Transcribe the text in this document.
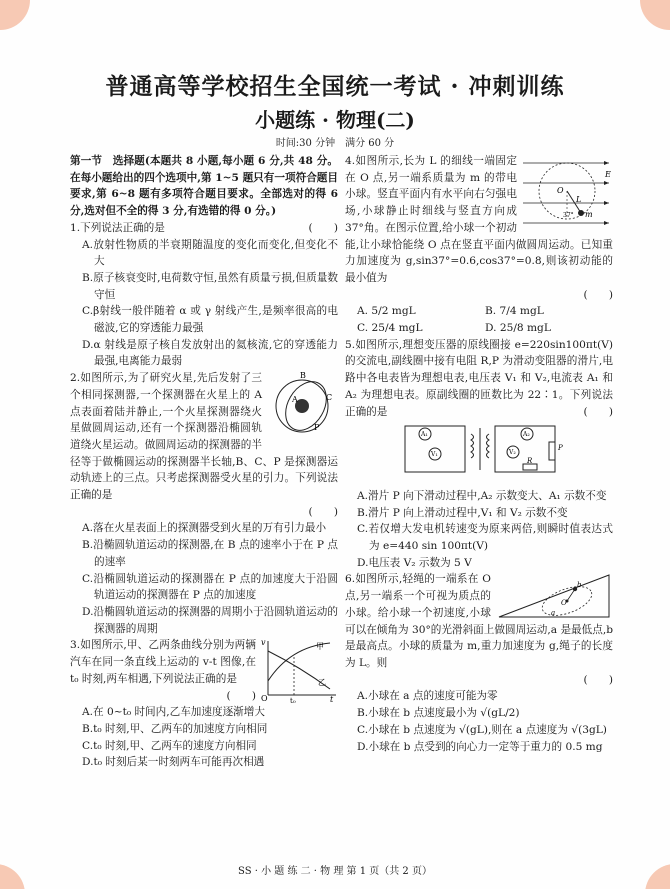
普通高等学校招生全国统一考试 · 冲刺训练
小题练 · 物理(二)
时间:30 分钟　满分 60 分

第一节　选择题(本题共 8 小题,每小题 6 分,共 48 分。在每小题给出的四个选项中,第 1~5 题只有一项符合题目要求,第 6~8 题有多项符合题目要求。全部选对的得 6 分,选对但不全的得 3 分,有选错的得 0 分。)

1.下列说法正确的是	(　　)

A.放射性物质的半衰期随温度的变化而变化,但变化不大

B.原子核衰变时,电荷数守恒,虽然有质量亏损,但质量数守恒

C.β射线一般伴随着 α 或 γ 射线产生,是频率很高的电磁波,它的穿透能力最强

D.α 射线是原子核自发放射出的氦核流,它的穿透能力最强,电离能力最弱

A
B
C
P

2.如图所示,为了研究火星,先后发射了三个相同探测器,一个探测器在火星上的 A 点表面着陆并静止,一个火星探测器绕火星做圆周运动,还有一个探测器沿椭圆轨道绕火星运动。做圆周运动的探测器的半径等于做椭圆运动的探测器半长轴,B、C、P 是探测器运动轨迹上的三点。只考虑探测器受火星的引力。下列说法正确的是

(　　)

A.落在火星表面上的探测器受到火星的万有引力最小

B.沿椭圆轨道运动的探测器,在 B 点的速率小于在 P 点的速率

C.沿椭圆轨道运动的探测器在 P 点的加速度大于沿圆轨道运动的探测器在 P 点的加速度

D.沿椭圆轨道运动的探测器的周期小于沿圆轨道运动的探测器的周期

v
O	t
t₀
甲
乙

3.如图所示,甲、乙两条曲线分别为两辆汽车在同一条直线上运动的 v-t 图像,在 t₀ 时刻,两车相遇,下列说法正确的是

(　　)

A.在 0~t₀ 时间内,乙车加速度逐渐增大

B.t₀ 时刻,甲、乙两车的加速度方向相同

C.t₀ 时刻,甲、乙两车的速度方向相同

D.t₀ 时刻后某一时刻两车可能再次相遇

E
O
L
m
37°

4.如图所示,长为 L 的细线一端固定在 O 点,另一端系质量为 m 的带电小球。竖直平面内有水平向右匀强电场,小球静止时细线与竖直方向成 37°角。在图示位置,给小球一个初动能,让小球恰能绕 O 点在竖直平面内做圆周运动。已知重力加速度为 g,sin37°=0.6,cos37°=0.8,则该初动能的最小值为

(　　)

A. 5/2 mgL	B. 7/4 mgL
C. 25/4 mgL	D. 25/8 mgL

5.如图所示,理想变压器的原线圈接 e=220sin100πt(V)的交流电,副线圈中接有电阻 R,P 为滑动变阻器的滑片,电路中各电表皆为理想电表,电压表 V₁ 和 V₂,电流表 A₁ 和 A₂ 为理想电表。原副线圈的匝数比为 22∶1。下列说法正确的是	(　　)

A₁
V₁
A₂
V₂
R
P

A.滑片 P 向下滑动过程中,A₂ 示数变大、A₁ 示数不变

B.滑片 P 向上滑动过程中,V₁ 和 V₂ 示数不变

C.若仅增大发电机转速变为原来两倍,则瞬时值表达式为 e=440 sin 100πt(V)

D.电压表 V₂ 示数为 5 V

O
b
a

6.如图所示,轻绳的一端系在 O 点,另一端系一个可视为质点的小球。给小球一个初速度,小球可以在倾角为 30°的光滑斜面上做圆周运动,a 是最低点,b 是最高点。小球的质量为 m,重力加速度为 g,绳子的长度为 L。则

(　　)

A.小球在 a 点的速度可能为零

B.小球在 b 点速度最小为 √(gL/2)

C.小球在 b 点速度为 √(gL),则在 a 点速度为 √(3gL)

D.小球在 b 点受到的向心力一定等于重力的 0.5 mg

SS · 小 题 练 二 · 物 理 第 1 页（共 2 页）
